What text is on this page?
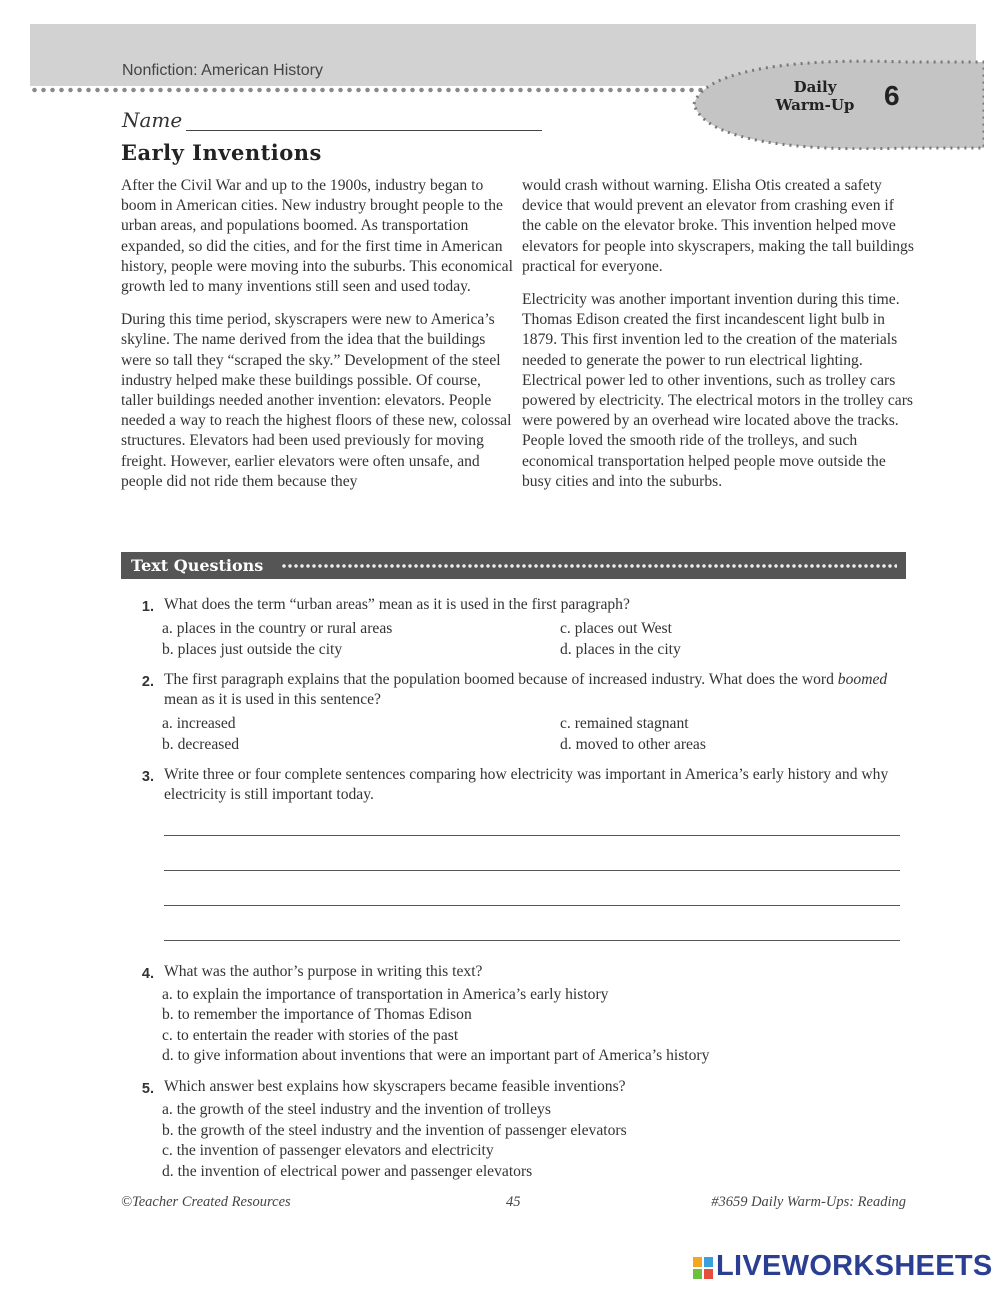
Nonfiction: American History
Daily
Warm-Up 6
Name
Early Inventions

After the Civil War and up to the 1900s, industry began to boom in American cities. New industry brought people to the urban areas, and populations boomed. As transportation expanded, so did the cities, and for the first time in American history, people were moving into the suburbs. This economical growth led to many inventions still seen and used today.

During this time period, skyscrapers were new to America’s skyline. The name derived from the idea that the buildings were so tall they “scraped the sky.” Development of the steel industry helped make these buildings possible. Of course, taller buildings needed another invention: elevators. People needed a way to reach the highest floors of these new, colossal structures. Elevators had been used previously for moving freight. However, earlier elevators were often unsafe, and people did not ride them because they

would crash without warning. Elisha Otis created a safety device that would prevent an elevator from crashing even if the cable on the elevator broke. This invention helped move elevators for people into skyscrapers, making the tall buildings practical for everyone.

Electricity was another important invention during this time. Thomas Edison created the first incandescent light bulb in 1879. This first invention led to the creation of the materials needed to generate the power to run electrical lighting. Electrical power led to other inventions, such as trolley cars powered by electricity. The electrical motors in the trolley cars were powered by an overhead wire located above the tracks. People loved the smooth ride of the trolleys, and such economical transportation helped people move outside the busy cities and into the suburbs.

Text Questions
1. What does the term “urban areas” mean as it is used in the first paragraph?
a. places in the country or rural areas
b. places just outside the city
c. places out West
d. places in the city
2. The first paragraph explains that the population boomed because of increased industry. What does the word boomed mean as it is used in this sentence?
a. increased
b. decreased
c. remained stagnant
d. moved to other areas
3. Write three or four complete sentences comparing how electricity was important in America’s early history and why electricity is still important today.
4. What was the author’s purpose in writing this text?
a. to explain the importance of transportation in America’s early history
b. to remember the importance of Thomas Edison
c. to entertain the reader with stories of the past
d. to give information about inventions that were an important part of America’s history
5. Which answer best explains how skyscrapers became feasible inventions?
a. the growth of the steel industry and the invention of trolleys
b. the growth of the steel industry and the invention of passenger elevators
c. the invention of passenger elevators and electricity
d. the invention of electrical power and passenger elevators
©Teacher Created Resources	45	#3659 Daily Warm-Ups: Reading
LIVEWORKSHEETS
